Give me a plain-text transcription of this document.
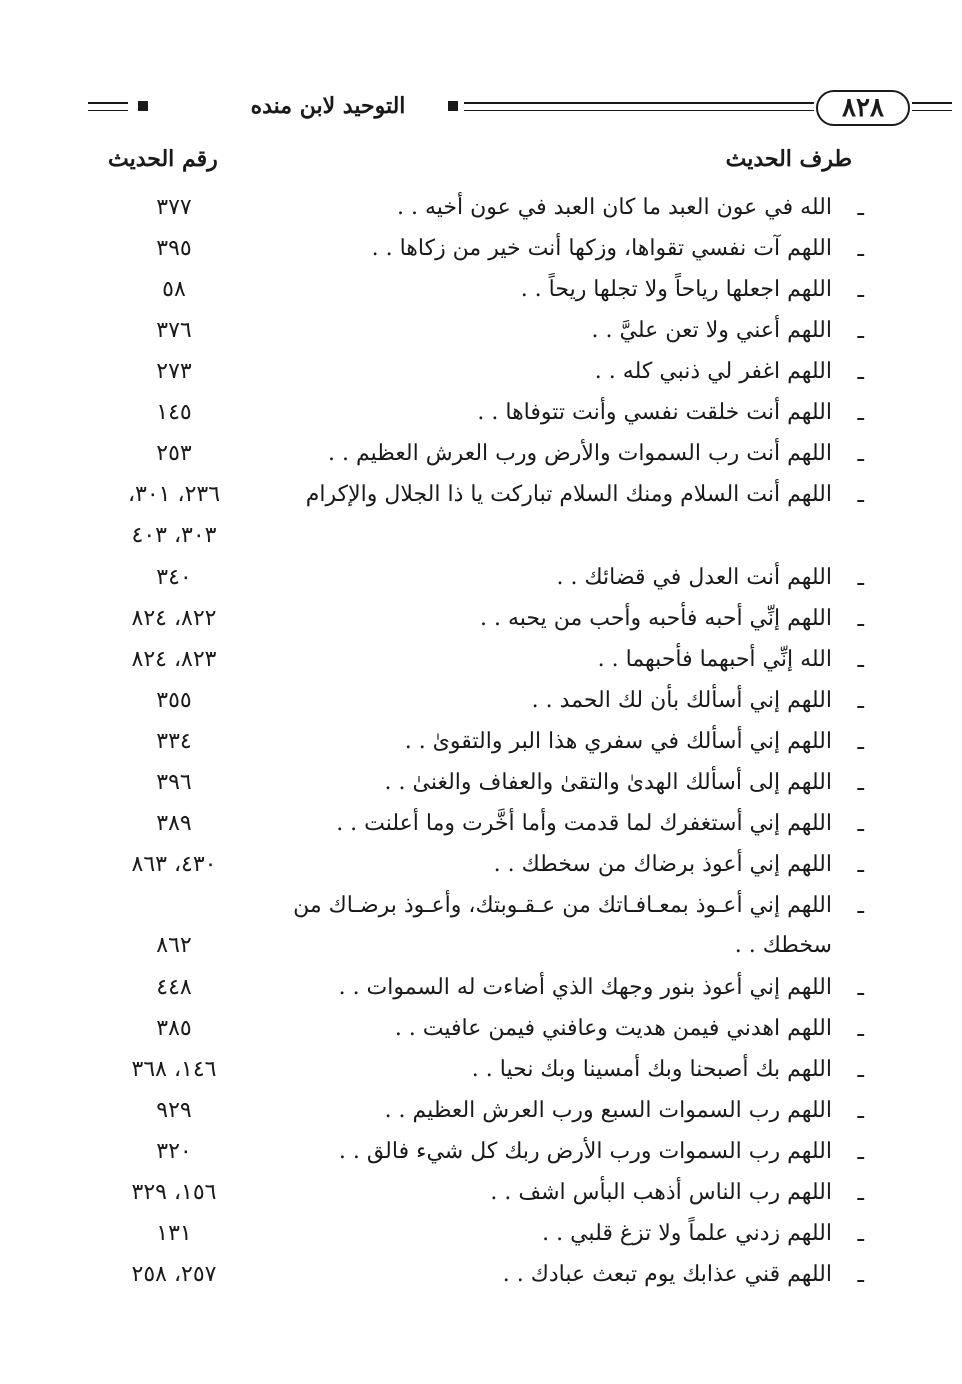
التوحيد لابن منده	٨٢٨
طرف الحديث
رقم الحديث
ـ
الله في عون العبد ما كان العبد في عون أخيه . .
٣٧٧
ـ
اللهم آت نفسي تقواها، وزكها أنت خير من زكاها . .
٣٩٥
ـ
اللهم اجعلها رياحاً ولا تجلها ريحاً . .
٥٨
ـ
اللهم أعني ولا تعن عليَّ . .
٣٧٦
ـ
اللهم اغفر لي ذنبي كله . .
٢٧٣
ـ
اللهم أنت خلقت نفسي وأنت تتوفاها . .
١٤٥
ـ
اللهم أنت رب السموات والأرض ورب العرش العظيم . .
٢٥٣
ـ
اللهم أنت السلام ومنك السلام تباركت يا ذا الجلال والإكرام
٢٣٦، ٣٠١،
٣٠٣، ٤٠٣
ـ
اللهم أنت العدل في قضائك . .
٣٤٠
ـ
اللهم إنِّي أحبه فأحبه وأحب من يحبه . .
٨٢٢، ٨٢٤
ـ
الله إنِّي أحبهما فأحبهما . .
٨٢٣، ٨٢٤
ـ
اللهم إني أسألك بأن لك الحمد . .
٣٥٥
ـ
اللهم إني أسألك في سفري هذا البر والتقوىٰ . .
٣٣٤
ـ
اللهم إلى أسألك الهدىٰ والتقىٰ والعفاف والغنىٰ . .
٣٩٦
ـ
اللهم إني أستغفرك لما قدمت وأما أخَّرت وما أعلنت . .
٣٨٩
ـ
اللهم إني أعوذ برضاك من سخطك . .
٤٣٠، ٨٦٣
ـ
اللهم إني أعـوذ بمعـافـاتك من عـقـوبتك، وأعـوذ برضـاك من
سخطك . .
٨٦٢
ـ
اللهم إني أعوذ بنور وجهك الذي أضاءت له السموات . .
٤٤٨
ـ
اللهم اهدني فيمن هديت وعافني فيمن عافيت . .
٣٨٥
ـ
اللهم بك أصبحنا وبك أمسينا وبك نحيا . .
١٤٦، ٣٦٨
ـ
اللهم رب السموات السبع ورب العرش العظيم . .
٩٢٩
ـ
اللهم رب السموات ورب الأرض ربك كل شيء فالق . .
٣٢٠
ـ
اللهم رب الناس أذهب البأس اشف . .
١٥٦، ٣٢٩
ـ
اللهم زدني علماً ولا تزغ قلبي . .
١٣١
ـ
اللهم قني عذابك يوم تبعث عبادك . .
٢٥٧، ٢٥٨
